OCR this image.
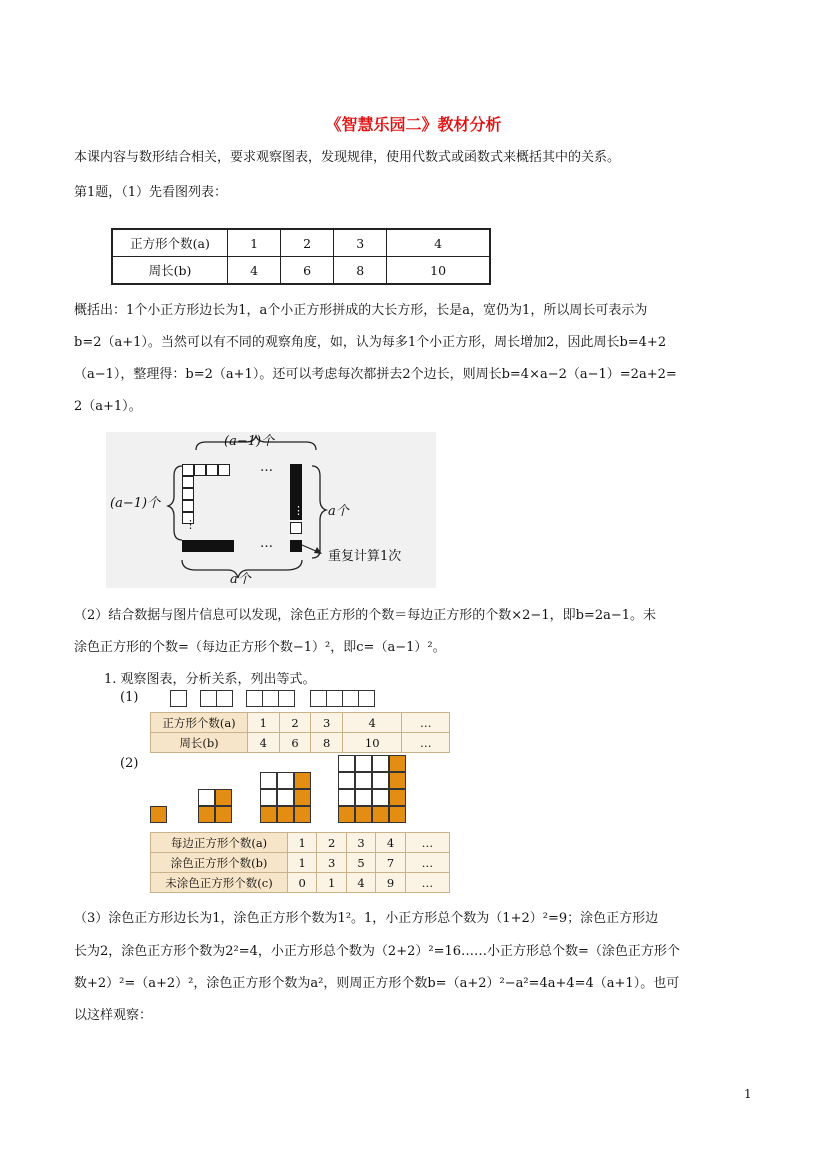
《智慧乐园二》教材分析
本课内容与数形结合相关，要求观察图表，发现规律，使用代数式或函数式来概括其中的关系。
第1题，（1）先看图列表：
正方形个数(a)	1	2	3	4
周长(b)	4	6	8	10
概括出：1个小正方形边长为1，a个小正方形拼成的大长方形，长是a，宽仍为1，所以周长可表示为
b=2（a+1）。当然可以有不同的观察角度，如，认为每多1个小正方形，周长增加2，因此周长b=4+2
（a−1），整理得：b=2（a+1）。还可以考虑每次都拼去2个边长，则周长b=4×a−2（a−1）=2a+2=
2（a+1）。
…
…
⋮
⋮
(a−1)个
(a−1)个
a个
a个
重复计算1次
（2）结合数据与图片信息可以发现，涂色正方形的个数＝每边正方形的个数×2−1，即b=2a−1。未
涂色正方形的个数=（每边正方形个数−1）²，即c=（a−1）²。
1. 观察图表，分析关系，列出等式。
(1)
正方形个数(a)	1	2	3	4	…
周长(b)	4	6	8	10	…
(2)
每边正方形个数(a)	1	2	3	4	…
涂色正方形个数(b)	1	3	5	7	…
未涂色正方形个数(c)	0	1	4	9	…
（3）涂色正方形边长为1，涂色正方形个数为1²。1，小正方形总个数为（1+2）²=9；涂色正方形边
长为2，涂色正方形个数为2²=4，小正方形总个数为（2+2）²=16……小正方形总个数=（涂色正方形个
数+2）²=（a+2）²，涂色正方形个数为a²，则周正方形个数b=（a+2）²−a²=4a+4=4（a+1）。也可
以这样观察：
1
